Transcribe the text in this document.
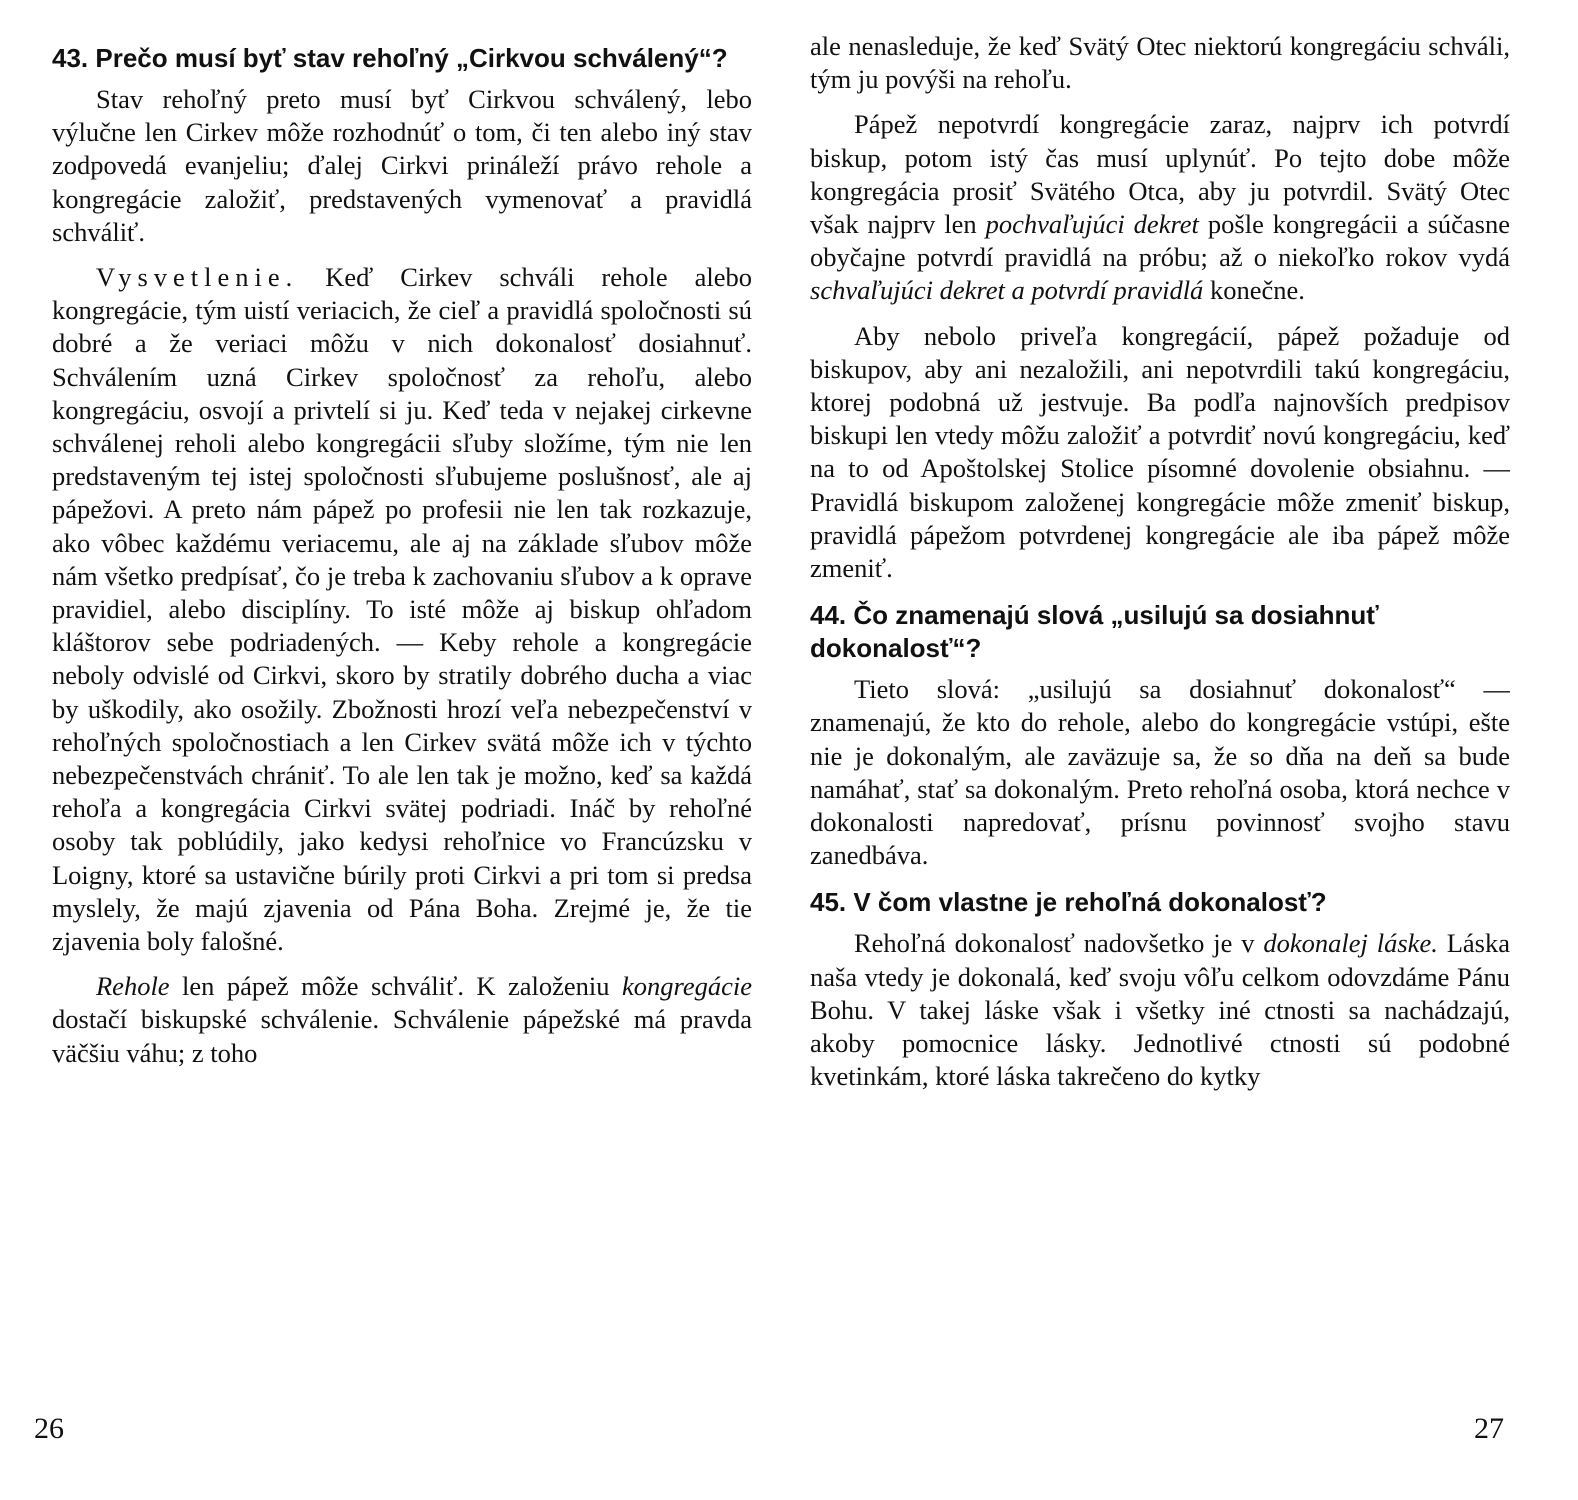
43. Prečo musí byť stav rehoľný „Cirkvou schválený“?

Stav rehoľný preto musí byť Cirkvou schválený, lebo výlučne len Cirkev môže rozhodnúť o tom, či ten alebo iný stav zodpovedá evanjeliu; ďalej Cirkvi prináleží právo rehole a kongregácie založiť, predstavených vymenovať a pravidlá schváliť.

Vysvetlenie. Keď Cirkev schváli rehole alebo kongregácie, tým uistí veriacich, že cieľ a pravidlá spoločnosti sú dobré a že veriaci môžu v nich dokonalosť dosiahnuť. Schválením uzná Cirkev spoločnosť za rehoľu, alebo kongregáciu, osvojí a privtelí si ju. Keď teda v nejakej cirkevne schválenej reholi alebo kongregácii sľuby složíme, tým nie len predstaveným tej istej spoločnosti sľubujeme poslušnosť, ale aj pápežovi. A preto nám pápež po profesii nie len tak rozkazuje, ako vôbec každému veriacemu, ale aj na základe sľubov môže nám všetko predpísať, čo je treba k zachovaniu sľubov a k oprave pravidiel, alebo disciplíny. To isté môže aj biskup ohľadom kláštorov sebe podriadených. — Keby rehole a kongregácie neboly odvislé od Cirkvi, skoro by stratily dobrého ducha a viac by uškodily, ako osožily. Zbožnosti hrozí veľa nebezpečenství v rehoľných spoločnostiach a len Cirkev svätá môže ich v týchto nebezpečenstvách chrániť. To ale len tak je možno, keď sa každá rehoľa a kongregácia Cirkvi svätej podriadi. Ináč by rehoľné osoby tak poblúdily, jako kedysi rehoľnice vo Francúzsku v Loigny, ktoré sa ustavične búrily proti Cirkvi a pri tom si predsa myslely, že majú zjavenia od Pána Boha. Zrejmé je, že tie zjavenia boly falošné.

Rehole len pápež môže schváliť. K založeniu kongregácie dostačí biskupské schválenie. Schválenie pápežské má pravda väčšiu váhu; z toho

26

ale nenasleduje, že keď Svätý Otec niektorú kongregáciu schváli, tým ju povýši na rehoľu.

Pápež nepotvrdí kongregácie zaraz, najprv ich potvrdí biskup, potom istý čas musí uplynúť. Po tejto dobe môže kongregácia prosiť Svätého Otca, aby ju potvrdil. Svätý Otec však najprv len pochvaľujúci dekret pošle kongregácii a súčasne obyčajne potvrdí pravidlá na próbu; až o niekoľko rokov vydá schvaľujúci dekret a potvrdí pravidlá konečne.

Aby nebolo priveľa kongregácií, pápež požaduje od biskupov, aby ani nezaložili, ani nepotvrdili takú kongregáciu, ktorej podobná už jestvuje. Ba podľa najnovších predpisov biskupi len vtedy môžu založiť a potvrdiť novú kongregáciu, keď na to od Apoštolskej Stolice písomné dovolenie obsiahnu. — Pravidlá biskupom založenej kongregácie môže zmeniť biskup, pravidlá pápežom potvrdenej kongregácie ale iba pápež môže zmeniť.

44. Čo znamenajú slová „usilujú sa dosiahnuť dokonalosť“?

Tieto slová: „usilujú sa dosiahnuť dokonalosť“ — znamenajú, že kto do rehole, alebo do kongregácie vstúpi, ešte nie je dokonalým, ale zaväzuje sa, že so dňa na deň sa bude namáhať, stať sa dokonalým. Preto rehoľná osoba, ktorá nechce v dokonalosti napredovať, prísnu povinnosť svojho stavu zanedbáva.

45. V čom vlastne je rehoľná dokonalosť?

Rehoľná dokonalosť nadovšetko je v dokonalej láske. Láska naša vtedy je dokonalá, keď svoju vôľu celkom odovzdáme Pánu Bohu. V takej láske však i všetky iné ctnosti sa nachádzajú, akoby pomocnice lásky. Jednotlivé ctnosti sú podobné kvetinkám, ktoré láska takrečeno do kytky

27
